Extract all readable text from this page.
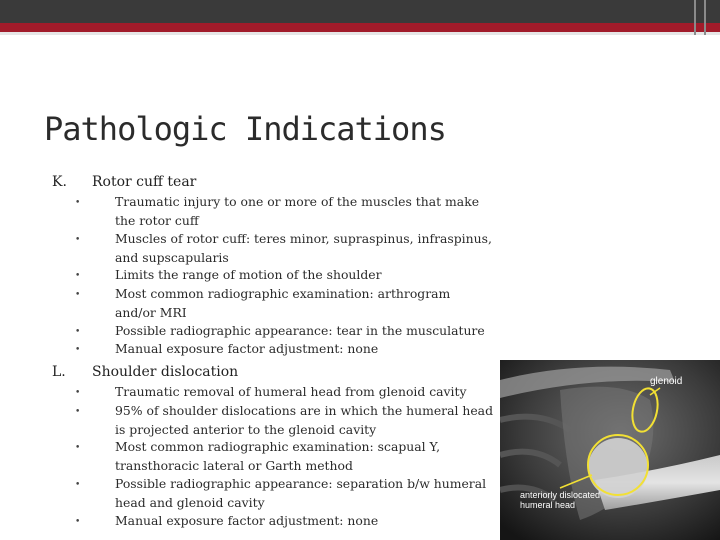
Pathologic Indications
K. Rotor cuff tear
•	Traumatic injury to one or more of the muscles that make the rotor cuff
•	Muscles of rotor cuff: teres minor, supraspinus, infraspinus, and supscapularis
•	Limits the range of motion of the shoulder
•	Most common radiographic examination: arthrogram and/or MRI
•	Possible radiographic appearance: tear in the musculature
•	Manual exposure factor adjustment: none
L. Shoulder dislocation
•	Traumatic removal of humeral head from glenoid cavity
•	95% of shoulder dislocations are in which the humeral head is projected anterior to the glenoid cavity
•	Most common radiographic examination: scapual Y, transthoracic lateral or Garth method
•	Possible radiographic appearance: separation b/w humeral head and glenoid cavity
•	Manual exposure factor adjustment: none
glenoid
anteriorly dislocated
humeral head
